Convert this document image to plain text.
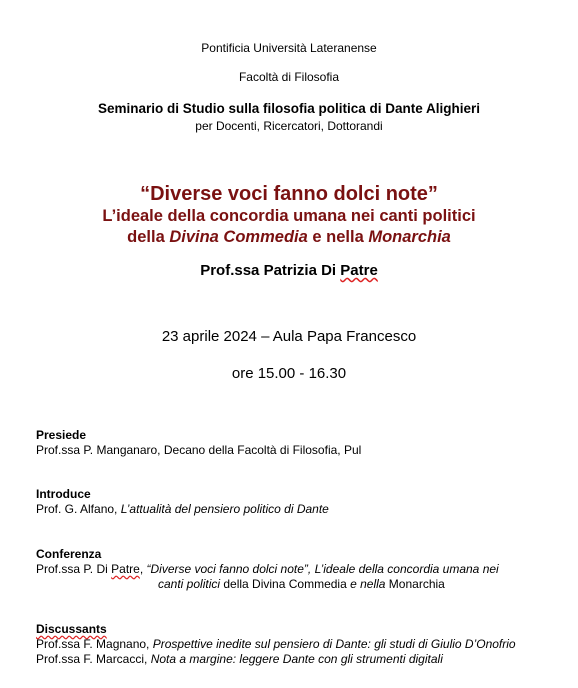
Pontificia Università Lateranense
Facoltà di Filosofia
Seminario di Studio sulla filosofia politica di Dante Alighieri
per Docenti, Ricercatori, Dottorandi
“Diverse voci fanno dolci note”
L’ideale della concordia umana nei canti politici
della Divina Commedia e nella Monarchia
Prof.ssa Patrizia Di Patre
23 aprile 2024 – Aula Papa Francesco
ore 15.00 - 16.30
Presiede
Prof.ssa P. Manganaro, Decano della Facoltà di Filosofia, Pul
Introduce
Prof. G. Alfano, L’attualità del pensiero politico di Dante
Conferenza
Prof.ssa P. Di Patre, “Diverse voci fanno dolci note”, L’ideale della concordia umana nei
canti politici della Divina Commedia e nella Monarchia
Discussants
Prof.ssa F. Magnano, Prospettive inedite sul pensiero di Dante: gli studi di Giulio D’Onofrio
Prof.ssa F. Marcacci, Nota a margine: leggere Dante con gli strumenti digitali
